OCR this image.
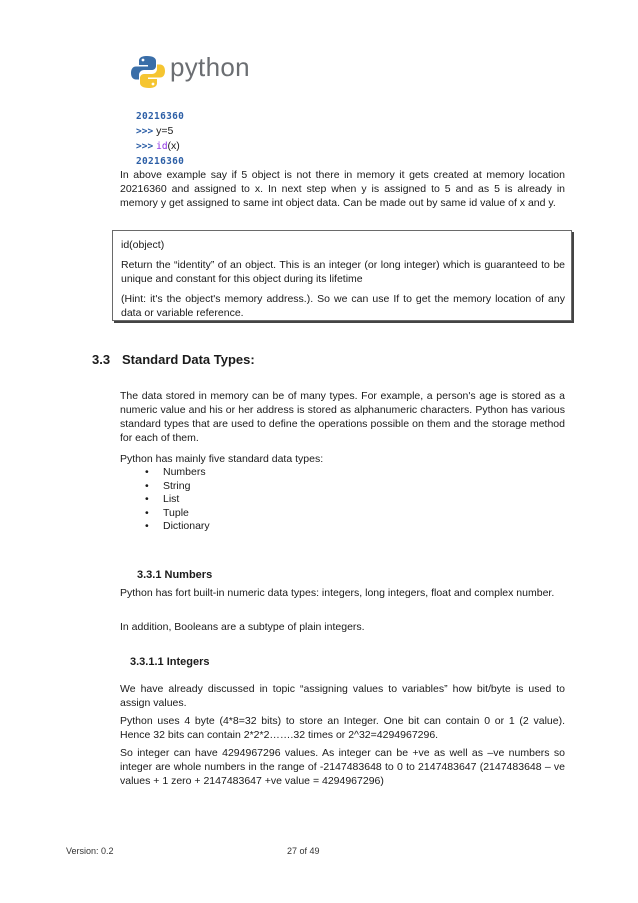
python
20216360
>>> y=5
>>> id(x)
20216360
In above example say if 5 object is not there in memory it gets created at memory location 20216360 and assigned to x. In next step when y is assigned to 5 and as 5 is already in memory y get assigned to same int object data. Can be made out by same id value of x and y.

id(object)

Return the “identity” of an object. This is an integer (or long integer) which is guaranteed to be unique and constant for this object during its lifetime

(Hint: it's the object's memory address.). So we can use If to get the memory location of any data or variable reference.

3.3 Standard Data Types:
The data stored in memory can be of many types. For example, a person's age is stored as a numeric value and his or her address is stored as alphanumeric characters. Python has various standard types that are used to define the operations possible on them and the storage method for each of them.
Python has mainly five standard data types:
• Numbers
• String
• List
• Tuple
• Dictionary
3.3.1 Numbers
Python has fort built-in numeric data types: integers, long integers, float and complex number.
In addition, Booleans are a subtype of plain integers.
3.3.1.1 Integers
We have already discussed in topic “assigning values to variables” how bit/byte is used to assign values.
Python uses 4 byte (4*8=32 bits) to store an Integer. One bit can contain 0 or 1 (2 value). Hence 32 bits can contain 2*2*2…….32 times or 2^32=4294967296.
So integer can have 4294967296 values. As integer can be +ve as well as –ve numbers so integer are whole numbers in the range of -2147483648 to 0 to 2147483647 (2147483648 – ve values + 1 zero + 2147483647 +ve value = 4294967296)
Version: 0.2	27 of 49
